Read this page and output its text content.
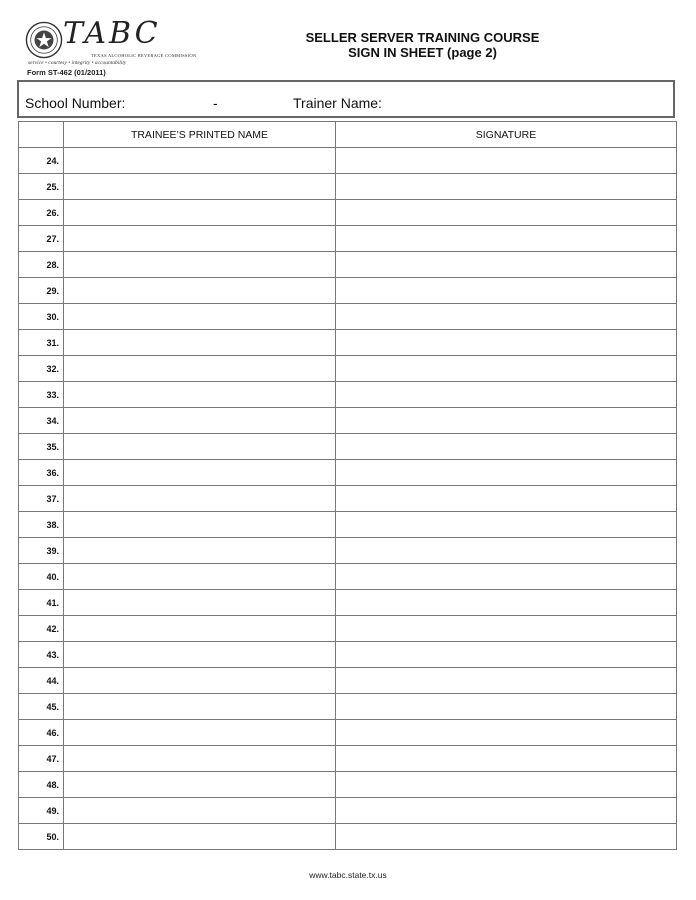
TABC
TEXAS ALCOHOLIC BEVERAGE COMMISSION
service • courtesy • integrity • accountability
Form ST-462 (01/2011)
SELLER SERVER TRAINING COURSE
SIGN IN SHEET (page 2)
School Number:	-	Trainer Name:
	TRAINEE’S PRINTED NAME	SIGNATURE
24.		
25.		
26.		
27.		
28.		
29.		
30.		
31.		
32.		
33.		
34.		
35.		
36.		
37.		
38.		
39.		
40.		
41.		
42.		
43.		
44.		
45.		
46.		
47.		
48.		
49.		
50.		
www.tabc.state.tx.us
